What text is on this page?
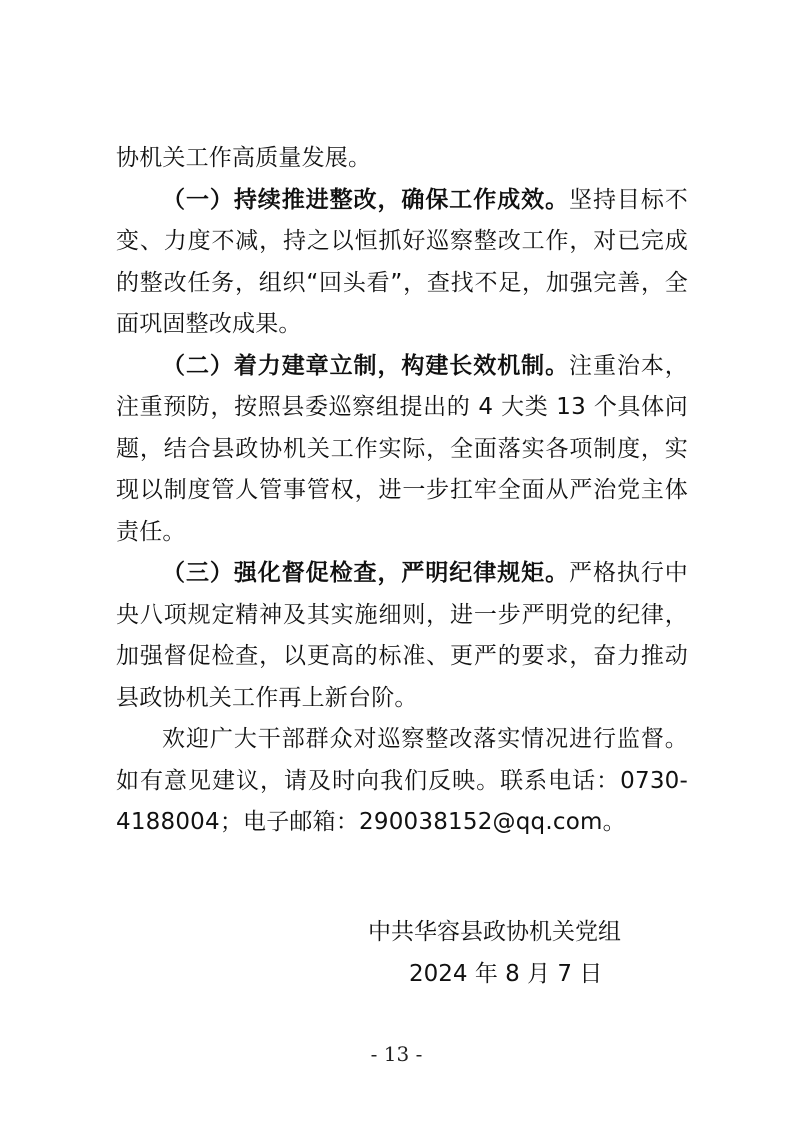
协机关工作高质量发展。

（一）持续推进整改，确保工作成效。坚持目标不变、力度不减，持之以恒抓好巡察整改工作，对已完成的整改任务，组织“回头看”，查找不足，加强完善，全面巩固整改成果。

（二）着力建章立制，构建长效机制。注重治本，注重预防，按照县委巡察组提出的 4 大类 13 个具体问题，结合县政协机关工作实际，全面落实各项制度，实现以制度管人管事管权，进一步扛牢全面从严治党主体责任。

（三）强化督促检查，严明纪律规矩。严格执行中央八项规定精神及其实施细则，进一步严明党的纪律，加强督促检查，以更高的标准、更严的要求，奋力推动县政协机关工作再上新台阶。

欢迎广大干部群众对巡察整改落实情况进行监督。如有意见建议，请及时向我们反映。联系电话：0730-4188004；电子邮箱：290038152@qq.com。

中共华容县政协机关党组
2024 年 8 月 7 日
- 13 -
